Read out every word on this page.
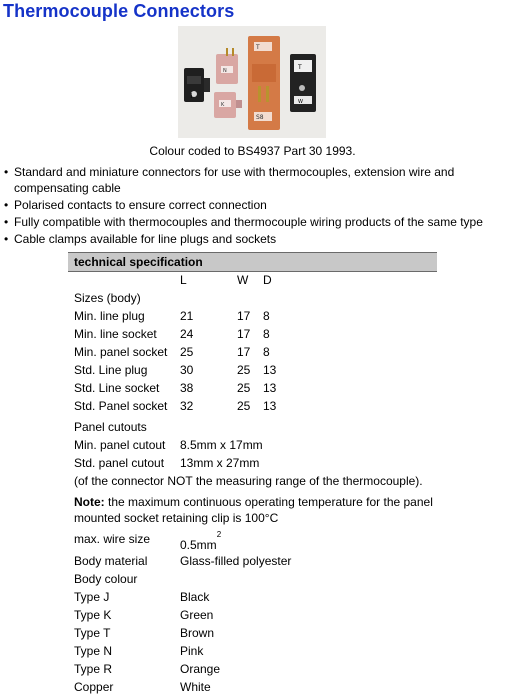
Thermocouple Connectors
J
N
K
T
S8
T
W
Colour coded to BS4937 Part 30 1993.
• Standard and miniature connectors for use with thermocouples, extension wire and compensating cable
• Polarised contacts to ensure correct connection
• Fully compatible with thermocouples and thermocouple wiring products of the same type
• Cable clamps available for line plugs and sockets
technical specification
L	W D
Sizes (body)
Min. line plug	21	17 8
Min. line socket 24	17 8
Min. panel socket 25	17 8
Std. Line plug	30	25 13
Std. Line socket 38	25 13
Std. Panel socket 32	25 13
Panel cutouts
Min. panel cutout 8.5mm x 17mm
Std. panel cutout 13mm x 27mm
(of the connector NOT the measuring range of the thermocouple).
Note: the maximum continuous operating temperature for the panel mounted socket retaining clip is 100°C
max. wire size $0.5mm^2$
Body material	Glass-filled polyester
Body colour
Type J	Black
Type K	Green
Type T	Brown
Type N	Pink
Type R	Orange
Copper	White
